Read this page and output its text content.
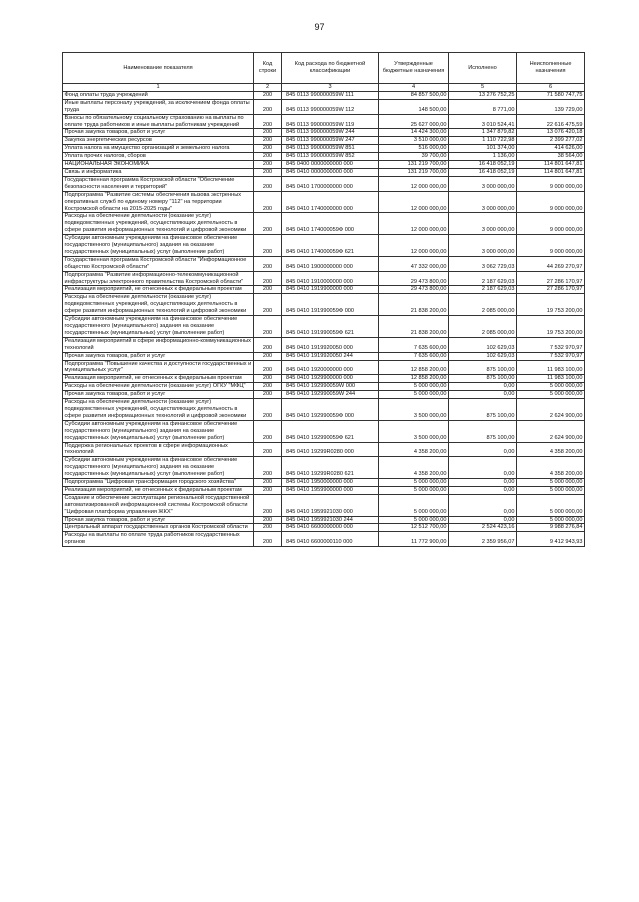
97
Наименование показателя	Код строки	Код расхода по бюджетной классификации	Утвержденные бюджетные назначения	Исполнено	Неисполненные назначения
1	2	3	4	5	6
Фонд оплаты труда учреждений	200	845 0113 990000059W 111	84 857 500,00	13 276 752,25	71 580 747,75
Иные выплаты персоналу учреждений, за исключением фонда оплаты труда	200	845 0113 990000059W 112	148 500,00	8 771,00	139 729,00
Взносы по обязательному социальному страхованию на выплаты по оплате труда работников и иные выплаты работникам учреждений	200	845 0113 990000059W 119	25 627 000,00	3 010 524,41	22 616 475,59
Прочая закупка товаров, работ и услуг	200	845 0113 990000059W 244	14 424 300,00	1 347 879,82	13 076 420,18
Закупка энергетических ресурсов	200	845 0113 990000059W 247	3 510 000,00	1 110 722,98	2 399 277,02
Уплата налога на имущество организаций и земельного налога	200	845 0113 990000059W 851	516 000,00	101 374,00	414 626,00
Уплата прочих налогов, сборов	200	845 0113 990000059W 852	39 700,00	1 136,00	38 564,00
НАЦИОНАЛЬНАЯ ЭКОНОМИКА	200	845 0400 0000000000 000	131 219 700,00	16 418 052,19	114 801 647,81
Связь и информатика	200	845 0410 0000000000 000	131 219 700,00	16 418 052,19	114 801 647,81
Государственная программа Костромской области "Обеспечение безопасности населения и территорий"	200	845 0410 1700000000 000	12 000 000,00	3 000 000,00	9 000 000,00
Подпрограмма "Развитие системы обеспечения вызова экстренных оперативных служб по единому номеру "112" на территории Костромской области на 2015-2025 годы"	200	845 0410 1740000000 000	12 000 000,00	3 000 000,00	9 000 000,00
Расходы на обеспечение деятельности (оказание услуг) подведомственных учреждений, осуществляющих деятельность в сфере развития информационных технологий и цифровой экономики	200	845 0410 174000059Ф 000	12 000 000,00	3 000 000,00	9 000 000,00
Субсидии автономным учреждениям на финансовое обеспечение государственного (муниципального) задания на оказание государственных (муниципальных) услуг (выполнение работ)	200	845 0410 174000059Ф 621	12 000 000,00	3 000 000,00	9 000 000,00
Государственная программа Костромской области "Информационное общество Костромской области"	200	845 0410 1900000000 000	47 332 000,00	3 062 729,03	44 269 270,97
Подпрограмма "Развитие информационно-телекоммуникационной инфраструктуры электронного правительства Костромской области"	200	845 0410 1910000000 000	29 473 800,00	2 187 629,03	27 286 170,97
Реализация мероприятий, не отнесенных к федеральным проектам	200	845 0410 1919900000 000	29 473 800,00	2 187 629,03	27 286 170,97
Расходы на обеспечение деятельности (оказание услуг) подведомственных учреждений, осуществляющих деятельность в сфере развития информационных технологий и цифровой экономики	200	845 0410 191990059Ф 000	21 838 200,00	2 085 000,00	19 753 200,00
Субсидии автономным учреждениям на финансовое обеспечение государственного (муниципального) задания на оказание государственных (муниципальных) услуг (выполнение работ)	200	845 0410 191990059Ф 621	21 838 200,00	2 085 000,00	19 753 200,00
Реализация мероприятий в сфере информационно-коммуникационных технологий	200	845 0410 1919920050 000	7 635 600,00	102 629,03	7 532 970,97
Прочая закупка товаров, работ и услуг	200	845 0410 1919920050 244	7 635 600,00	102 629,03	7 532 970,97
Подпрограмма "Повышение качества и доступности государственных и муниципальных услуг"	200	845 0410 1920000000 000	12 858 200,00	875 100,00	11 983 100,00
Реализация мероприятий, не отнесенных к федеральным проектам	200	845 0410 1929900000 000	12 858 200,00	875 100,00	11 983 100,00
Расходы на обеспечение деятельности (оказание услуг) ОГКУ "МФЦ"	200	845 0410 192990059W 000	5 000 000,00	0,00	5 000 000,00
Прочая закупка товаров, работ и услуг	200	845 0410 192990059W 244	5 000 000,00	0,00	5 000 000,00
Расходы на обеспечение деятельности (оказание услуг) подведомственных учреждений, осуществляющих деятельность в сфере развития информационных технологий и цифровой экономики	200	845 0410 192990059Ф 000	3 500 000,00	875 100,00	2 624 900,00
Субсидии автономным учреждениям на финансовое обеспечение государственного (муниципального) задания на оказание государственных (муниципальных) услуг (выполнение работ)	200	845 0410 192990059Ф 621	3 500 000,00	875 100,00	2 624 900,00
Поддержка региональных проектов в сфере информационных технологий	200	845 0410 19299R0280 000	4 358 200,00	0,00	4 358 200,00
Субсидии автономным учреждениям на финансовое обеспечение государственного (муниципального) задания на оказание государственных (муниципальных) услуг (выполнение работ)	200	845 0410 19299R0280 621	4 358 200,00	0,00	4 358 200,00
Подпрограмма "Цифровая трансформация городского хозяйства"	200	845 0410 1950000000 000	5 000 000,00	0,00	5 000 000,00
Реализация мероприятий, не отнесенных к федеральным проектам	200	845 0410 1959900000 000	5 000 000,00	0,00	5 000 000,00
Создание и обеспечение эксплуатации региональной государственной автоматизированной информационной системы Костромской области "Цифровая платформа управления ЖКХ"	200	845 0410 1959921030 000	5 000 000,00	0,00	5 000 000,00
Прочая закупка товаров, работ и услуг	200	845 0410 1959921030 244	5 000 000,00	0,00	5 000 000,00
Центральный аппарат государственных органов Костромской области	200	845 0410 6600000000 000	12 512 700,00	2 524 423,16	9 988 276,84
Расходы на выплаты по оплате труда работников государственных органов	200	845 0410 6600000110 000	11 772 900,00	2 359 956,07	9 412 943,93
